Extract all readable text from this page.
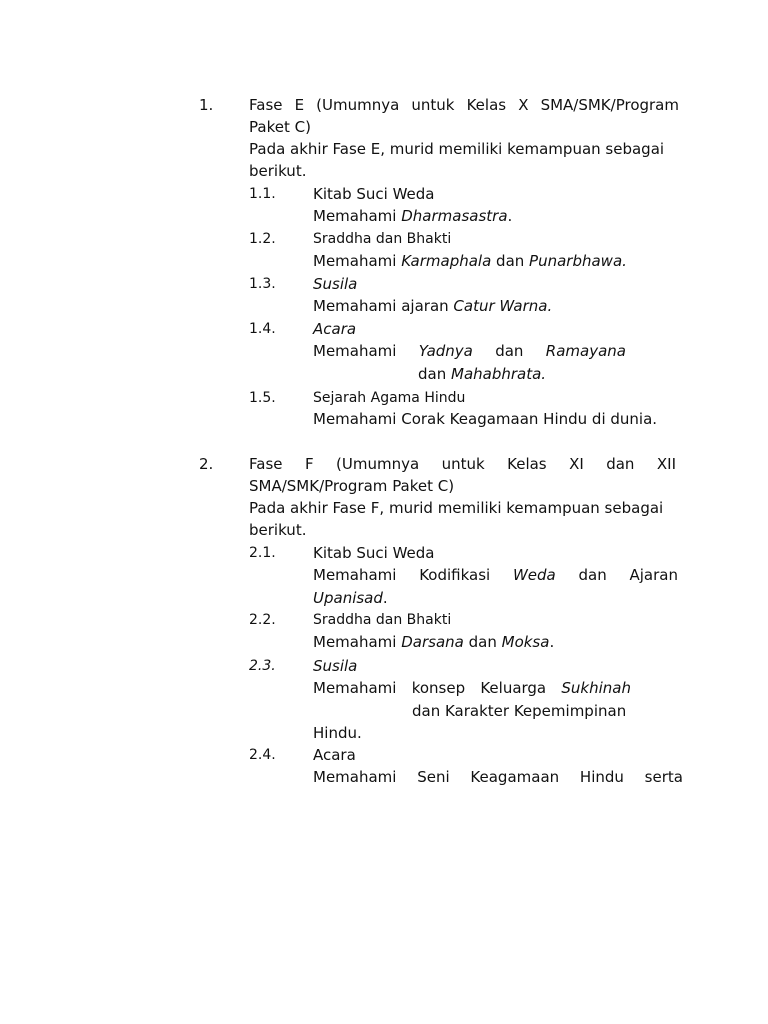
1. Fase E (Umumnya untuk Kelas X SMA/SMK/Program
Paket C)
Pada akhir Fase E, murid memiliki kemampuan sebagai
berikut.
1.1. Kitab Suci Weda
Memahami Dharmasastra.
1.2.	Sraddha dan Bhakti
Memahami Karmaphala dan Punarbhawa.
1.3. Susila
Memahami ajaran Catur Warna.
1.4. Acara
Memahami Yadnya dan Ramayana
dan Mahabhrata.
1.5.	Sejarah Agama Hindu
Memahami Corak Keagamaan Hindu di dunia.
2. Fase F (Umumnya untuk Kelas XI dan XII
SMA/SMK/Program Paket C)
Pada akhir Fase F, murid memiliki kemampuan sebagai
berikut.
2.1. Kitab Suci Weda
Memahami Kodifikasi Weda dan Ajaran
Upanisad.
2.2.	Sraddha dan Bhakti
Memahami Darsana dan Moksa.
2.3. Susila
Memahami konsep Keluarga Sukhinah
dan Karakter Kepemimpinan
Hindu.
2.4. Acara
Memahami Seni Keagamaan Hindu serta
